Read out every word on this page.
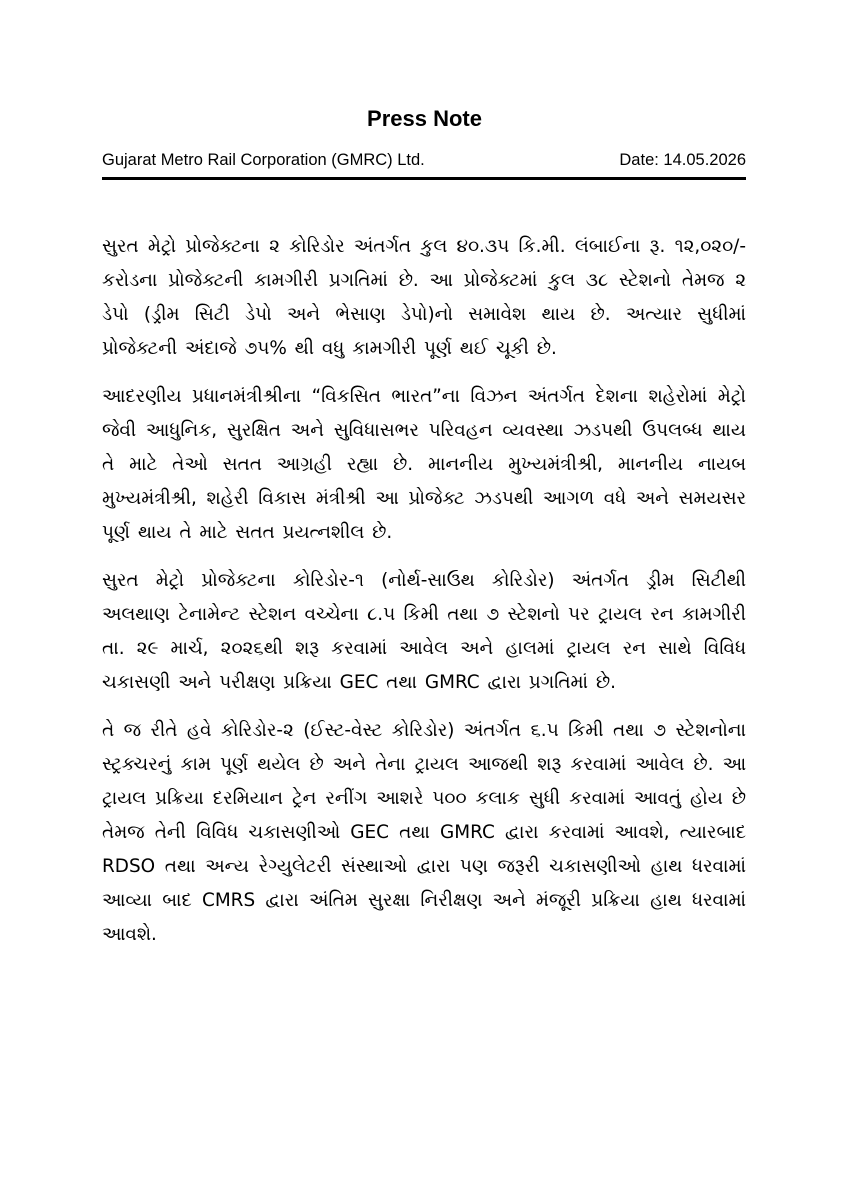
Press Note
Gujarat Metro Rail Corporation (GMRC) Ltd.	Date: 14.05.2026

સુરત મેટ્રો પ્રોજેક્ટના ૨ કોરિડોર અંતર્ગત કુલ ૪૦.૩૫ કિ.મી. લંબાઈના રૂ. ૧૨,૦૨૦/- કરોડના પ્રોજેક્ટની કામગીરી પ્રગતિમાં છે. આ પ્રોજેક્ટમાં કુલ ૩૮ સ્ટેશનો તેમજ ૨ ડેપો (ડ્રીમ સિટી ડેપો અને ભેસાણ ડેપો)નો સમાવેશ થાય છે. અત્યાર સુધીમાં પ્રોજેક્ટની અંદાજે ૭૫% થી વધુ કામગીરી પૂર્ણ થઈ ચૂકી છે.

આદરણીય પ્રધાનમંત્રીશ્રીના “વિકસિત ભારત”ના વિઝન અંતર્ગત દેશના શહેરોમાં મેટ્રો જેવી આધુનિક, સુરક્ષિત અને સુવિધાસભર પરિવહન વ્યવસ્થા ઝડપથી ઉપલબ્ધ થાય તે માટે તેઓ સતત આગ્રહી રહ્યા છે. માનનીય મુખ્યમંત્રીશ્રી, માનનીય નાયબ મુખ્યમંત્રીશ્રી, શહેરી વિકાસ મંત્રીશ્રી આ પ્રોજેક્ટ ઝડપથી આગળ વધે અને સમયસર પૂર્ણ થાય તે માટે સતત પ્રયત્નશીલ છે.

સુરત મેટ્રો પ્રોજેક્ટના કોરિડોર-૧ (નોર્થ-સાઉથ કોરિડોર) અંતર્ગત ડ્રીમ સિટીથી અલથાણ ટેનામેન્ટ સ્ટેશન વચ્ચેના ૮.૫ કિમી તથા ૭ સ્ટેશનો પર ટ્રાયલ રન કામગીરી તા. ૨૯ માર્ચ, ૨૦૨૬થી શરૂ કરવામાં આવેલ અને હાલમાં ટ્રાયલ રન સાથે વિવિધ ચકાસણી અને પરીક્ષણ પ્રક્રિયા GEC તથા GMRC દ્વારા પ્રગતિમાં છે.

તે જ રીતે હવે કોરિડોર-૨ (ઈસ્ટ-વેસ્ટ કોરિડોર) અંતર્ગત ૬.૫ કિમી તથા ૭ સ્ટેશનોના સ્ટ્રક્ચરનું કામ પૂર્ણ થયેલ છે અને તેના ટ્રાયલ આજથી શરૂ કરવામાં આવેલ છે. આ ટ્રાયલ પ્રક્રિયા દરમિયાન ટ્રેન રનીંગ આશરે ૫૦૦ કલાક સુધી કરવામાં આવતું હોય છે તેમજ તેની વિવિધ ચકાસણીઓ GEC તથા GMRC દ્વારા કરવામાં આવશે, ત્યારબાદ RDSO તથા અન્ય રેગ્યુલેટરી સંસ્થાઓ દ્વારા પણ જરૂરી ચકાસણીઓ હાથ ધરવામાં આવ્યા બાદ CMRS દ્વારા અંતિમ સુરક્ષા નિરીક્ષણ અને મંજૂરી પ્રક્રિયા હાથ ધરવામાં આવશે.
